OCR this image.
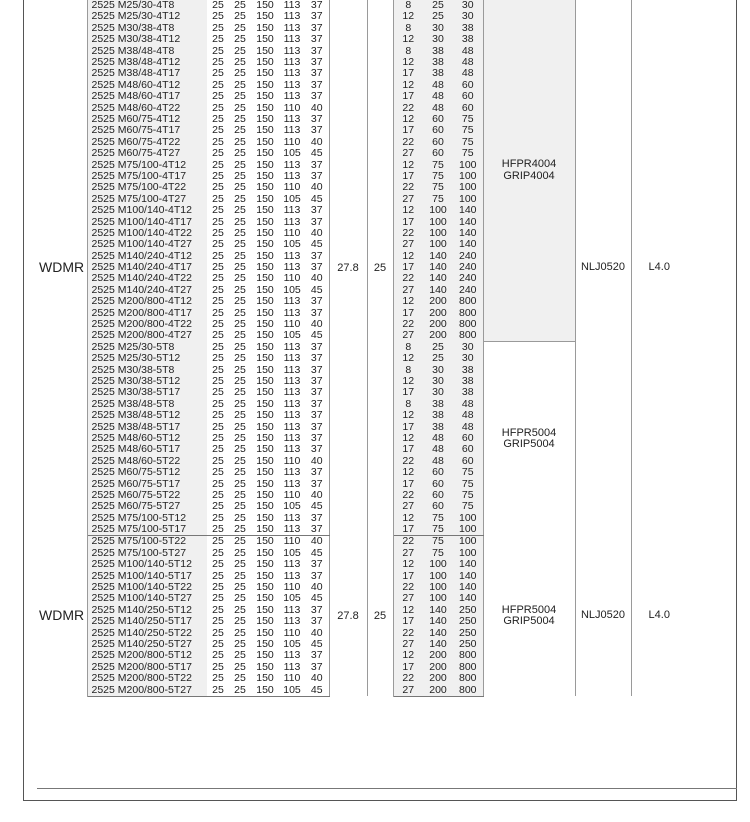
WDMR	2525 M25/30-4T8	25	25	150	113	37	27.8	25	8	25	30	HFPR4004
GRIP4004	NLJ0520	L4.0
	2525 M25/30-4T12	25	25	150	113	37			12	25	30			
	2525 M30/38-4T8	25	25	150	113	37			8	30	38			
	2525 M30/38-4T12	25	25	150	113	37			12	30	38			
	2525 M38/48-4T8	25	25	150	113	37			8	38	48			
	2525 M38/48-4T12	25	25	150	113	37			12	38	48			
	2525 M38/48-4T17	25	25	150	113	37			17	38	48			
	2525 M48/60-4T12	25	25	150	113	37			12	48	60			
	2525 M48/60-4T17	25	25	150	113	37			17	48	60			
	2525 M48/60-4T22	25	25	150	110	40			22	48	60			
	2525 M60/75-4T12	25	25	150	113	37			12	60	75			
	2525 M60/75-4T17	25	25	150	113	37			17	60	75			
	2525 M60/75-4T22	25	25	150	110	40			22	60	75			
	2525 M60/75-4T27	25	25	150	105	45			27	60	75			
	2525 M75/100-4T12	25	25	150	113	37			12	75	100			
	2525 M75/100-4T17	25	25	150	113	37			17	75	100			
	2525 M75/100-4T22	25	25	150	110	40			22	75	100			
	2525 M75/100-4T27	25	25	150	105	45			27	75	100			
	2525 M100/140-4T12	25	25	150	113	37			12	100	140			
	2525 M100/140-4T17	25	25	150	113	37			17	100	140			
	2525 M100/140-4T22	25	25	150	110	40			22	100	140			
	2525 M100/140-4T27	25	25	150	105	45			27	100	140			
	2525 M140/240-4T12	25	25	150	113	37			12	140	240			
	2525 M140/240-4T17	25	25	150	113	37			17	140	240			
	2525 M140/240-4T22	25	25	150	110	40			22	140	240			
	2525 M140/240-4T27	25	25	150	105	45			27	140	240			
	2525 M200/800-4T12	25	25	150	113	37			12	200	800			
	2525 M200/800-4T17	25	25	150	113	37			17	200	800			
	2525 M200/800-4T22	25	25	150	110	40			22	200	800			
	2525 M200/800-4T27	25	25	150	105	45			27	200	800			
	2525 M25/30-5T8	25	25	150	113	37			8	25	30	HFPR5004
GRIP5004		

	2525 M25/30-5T12	25	25	150	113	37			12	25	30			
	2525 M30/38-5T8	25	25	150	113	37			8	30	38			
	2525 M30/38-5T12	25	25	150	113	37			12	30	38			
	2525 M30/38-5T17	25	25	150	113	37			17	30	38			
	2525 M38/48-5T8	25	25	150	113	37			8	38	48			
	2525 M38/48-5T12	25	25	150	113	37			12	38	48			
	2525 M38/48-5T17	25	25	150	113	37			17	38	48			
	2525 M48/60-5T12	25	25	150	113	37			12	48	60			
	2525 M48/60-5T17	25	25	150	113	37			17	48	60			
	2525 M48/60-5T22	25	25	150	110	40			22	48	60			
	2525 M60/75-5T12	25	25	150	113	37			12	60	75			
	2525 M60/75-5T17	25	25	150	113	37			17	60	75			
	2525 M60/75-5T22	25	25	150	110	40			22	60	75			
	2525 M60/75-5T27	25	25	150	105	45			27	60	75			
	2525 M75/100-5T12	25	25	150	113	37			12	75	100			
	2525 M75/100-5T17	25	25	150	113	37			17	75	100			
WDMR	2525 M75/100-5T22	25	25	150	110	40	27.8	25	22	75	100	HFPR5004
GRIP5004	NLJ0520	L4.0
	2525 M75/100-5T27	25	25	150	105	45			27	75	100			
	2525 M100/140-5T12	25	25	150	113	37			12	100	140			
	2525 M100/140-5T17	25	25	150	113	37			17	100	140			
	2525 M100/140-5T22	25	25	150	110	40			22	100	140			
	2525 M100/140-5T27	25	25	150	105	45			27	100	140			
	2525 M140/250-5T12	25	25	150	113	37			12	140	250			
	2525 M140/250-5T17	25	25	150	113	37			17	140	250			
	2525 M140/250-5T22	25	25	150	110	40			22	140	250			
	2525 M140/250-5T27	25	25	150	105	45			27	140	250			
	2525 M200/800-5T12	25	25	150	113	37			12	200	800			
	2525 M200/800-5T17	25	25	150	113	37			17	200	800			
	2525 M200/800-5T22	25	25	150	110	40			22	200	800			
	2525 M200/800-5T27	25	25	150	105	45			27	200	800			
